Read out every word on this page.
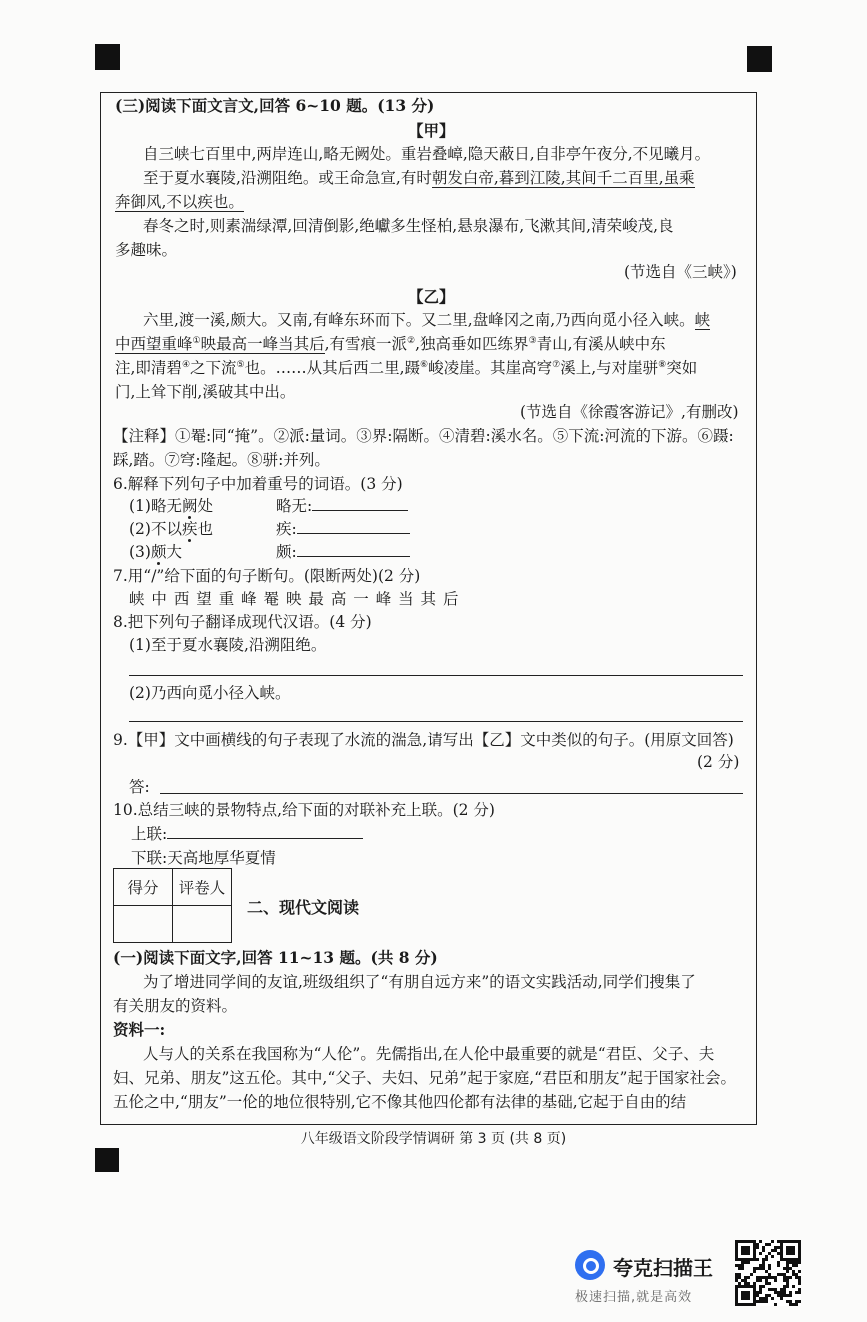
(三)阅读下面文言文,回答 6~10 题。(13 分)
【甲】
自三峡七百里中,两岸连山,略无阙处。重岩叠嶂,隐天蔽日,自非亭午夜分,不见曦月。
至于夏水襄陵,沿溯阻绝。或王命急宣,有时朝发白帝,暮到江陵,其间千二百里,虽乘
奔御风,不以疾也。
春冬之时,则素湍绿潭,回清倒影,绝巘多生怪柏,悬泉瀑布,飞漱其间,清荣峻茂,良
多趣味。
(节选自《三峡》)
【乙】
六里,渡一溪,颇大。又南,有峰东环而下。又二里,盘峰冈之南,乃西向觅小径入峡。峡
中西望重峰①映最高一峰当其后,有雪痕一派②,独高垂如匹练界③青山,有溪从峡中东
注,即清碧④之下流⑤也。……从其后西二里,蹑⑥峻凌崖。其崖高穹⑦溪上,与对崖骈⑧突如
门,上耸下削,溪破其中出。
(节选自《徐霞客游记》,有删改)
【注释】①罨:同“掩”。②派:量词。③界:隔断。④清碧:溪水名。⑤下流:河流的下游。⑥蹑:
踩,踏。⑦穹:隆起。⑧骈:并列。
6.解释下列句子中加着重号的词语。(3 分)
(1)略无阙处	略无:
(2)不以疾也	疾:
(3)颇大	颇:
7.用“/”给下面的句子断句。(限断两处)(2 分)
峡 中 西 望 重 峰 罨 映 最 高 一 峰 当 其 后
8.把下列句子翻译成现代汉语。(4 分)
(1)至于夏水襄陵,沿溯阻绝。
(2)乃西向觅小径入峡。
9.【甲】文中画横线的句子表现了水流的湍急,请写出【乙】文中类似的句子。(用原文回答)
(2 分)
答:
10.总结三峡的景物特点,给下面的对联补充上联。(2 分)
上联:
下联:天高地厚华夏情
得分	评卷人

二、现代文阅读
(一)阅读下面文字,回答 11~13 题。(共 8 分)
为了增进同学间的友谊,班级组织了“有朋自远方来”的语文实践活动,同学们搜集了
有关朋友的资料。
资料一:
人与人的关系在我国称为“人伦”。先儒指出,在人伦中最重要的就是“君臣、父子、夫
妇、兄弟、朋友”这五伦。其中,“父子、夫妇、兄弟”起于家庭,“君臣和朋友”起于国家社会。
五伦之中,“朋友”一伦的地位很特别,它不像其他四伦都有法律的基础,它起于自由的结
八年级语文阶段学情调研 第 3 页 (共 8 页)
夸克扫描王
极速扫描,就是高效
